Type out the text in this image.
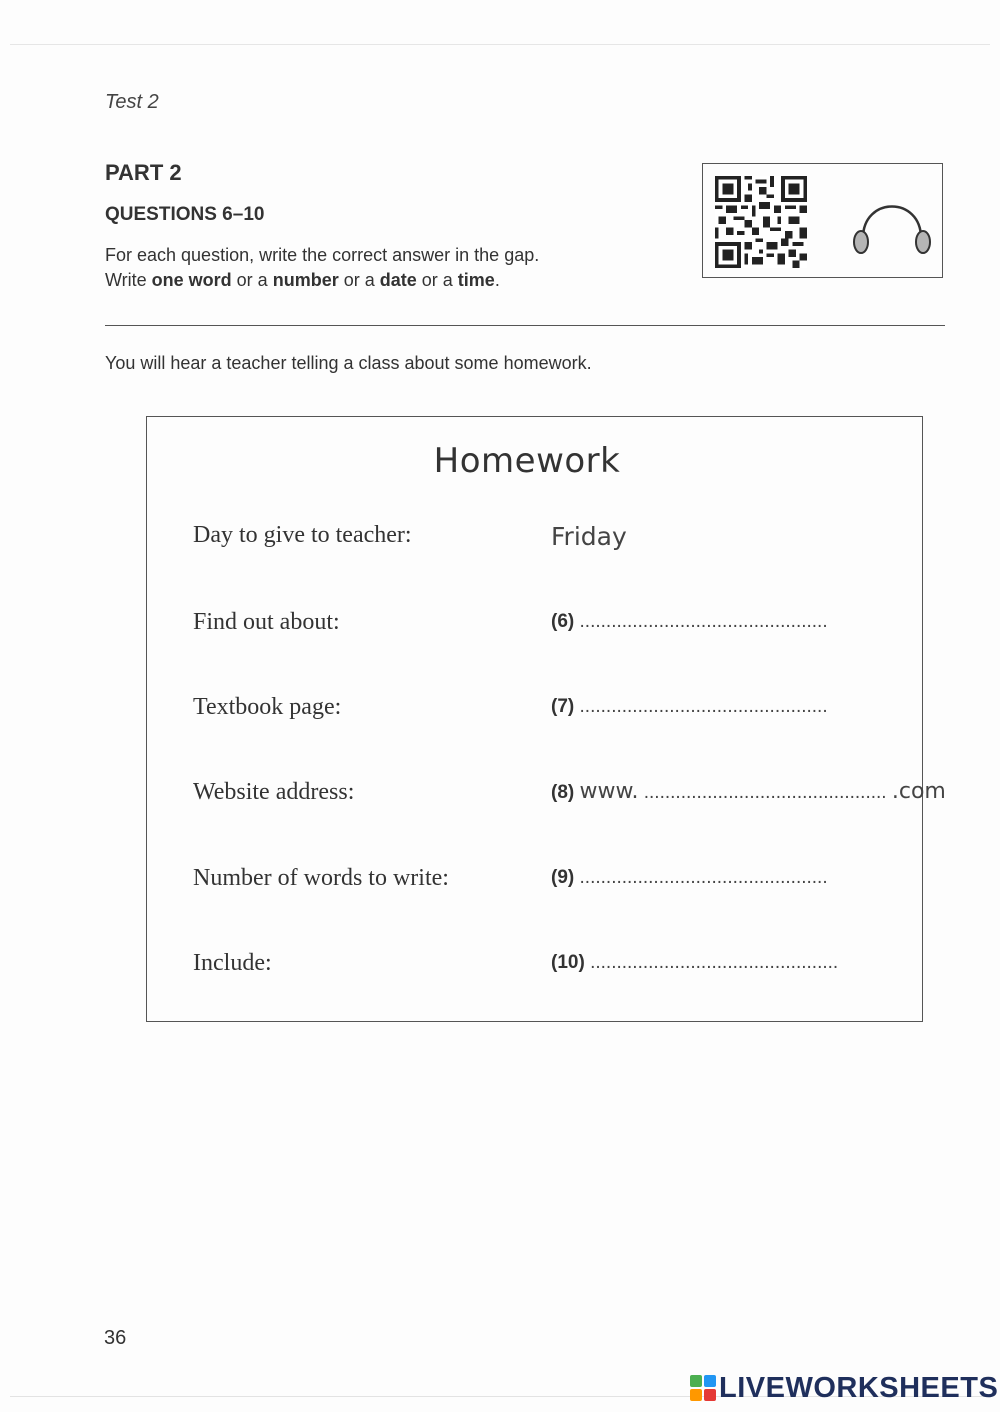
Test 2
PART 2
QUESTIONS 6–10
For each question, write the correct answer in the gap.
Write one word or a number or a date or a time.
You will hear a teacher telling a class about some homework.
Homework
Day to give to teacher:	Friday
Find out about:	(6) ...............................................
Textbook page:	(7) ...............................................
Website address:	(8) www. .............................................. .com
Number of words to write:	(9) ...............................................
Include:	(10) ...............................................
36
LIVEWORKSHEETS
